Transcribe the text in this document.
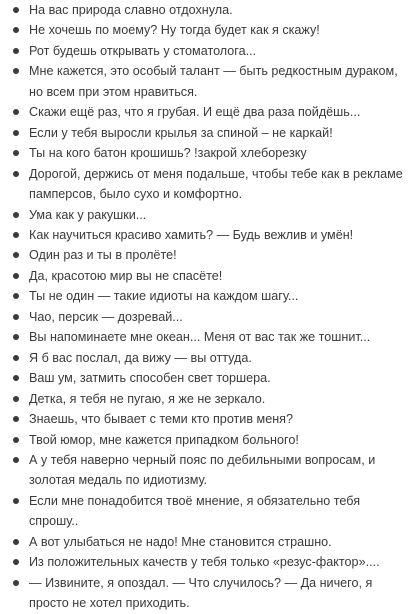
На вас природа славно отдохнула.
Не хочешь по моему? Ну тогда будет как я скажу!
Рот будешь открывать у стоматолога...
Мне кажется, это особый талант — быть редкостным дураком, но всем при этом нравиться.
Скажи ещё раз, что я грубая. И ещё два раза пойдёшь...
Если у тебя выросли крылья за спиной – не каркай!
Ты на кого батон крошишь? !закрой хлеборезку
Дорогой, держись от меня подальше, чтобы тебе как в рекламе памперсов, было сухо и комфортно.
Ума как у ракушки...
Как научиться красиво хамить? — Будь вежлив и умён!
Один раз и ты в пролёте!
Да, красотою мир вы не спасёте!
Ты не один — такие идиоты на каждом шагу...
Чао, персик — дозревай...
Вы напоминаете мне океан... Меня от вас так же тошнит...
Я б вас послал, да вижу — вы оттуда.
Ваш ум, затмить способен свет торшера.
Детка, я тебя не пугаю, я же не зеркало.
Знаешь, что бывает с теми кто против меня?
Твой юмор, мне кажется припадком больного!
А у тебя наверно черный пояс по дебильными вопросам, и золотая медаль по идиотизму.
Если мне понадобится твоё мнение, я обязательно тебя спрошу..
А вот улыбаться не надо! Мне становится страшно.
Из положительных качеств у тебя только «резус-фактор»....
— Извините, я опоздал. — Что случилось? — Да ничего, я просто не хотел приходить.
